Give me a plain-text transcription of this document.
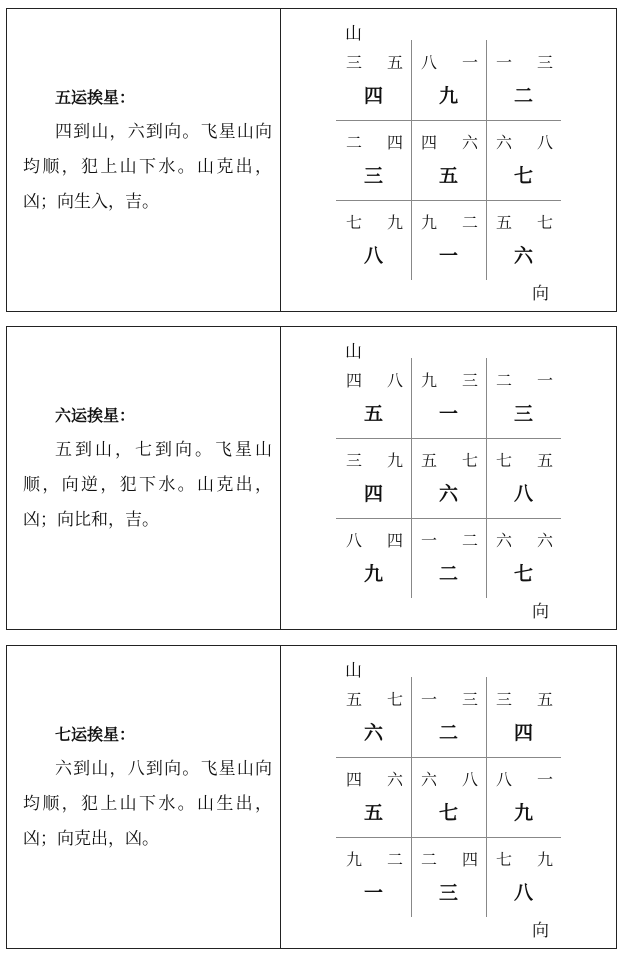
五运挨星：

四到山，六到向。飞星山向均顺，犯上山下水。山克出，凶；向生入，吉。

山
三 五
四
八 一
九
一 三
二
二 四
三
四 六
五
六 八
七
七 九
八
九 二
一
五 七
六
向

六运挨星：

五到山，七到向。飞星山顺，向逆，犯下水。山克出，凶；向比和，吉。

山
四 八
五
九 三
一
二 一
三
三 九
四
五 七
六
七 五
八
八 四
九
一 二
二
六 六
七
向

七运挨星：

六到山，八到向。飞星山向均顺，犯上山下水。山生出，凶；向克出，凶。

山
五 七
六
一 三
二
三 五
四
四 六
五
六 八
七
八 一
九
九 二
一
二 四
三
七 九
八
向
